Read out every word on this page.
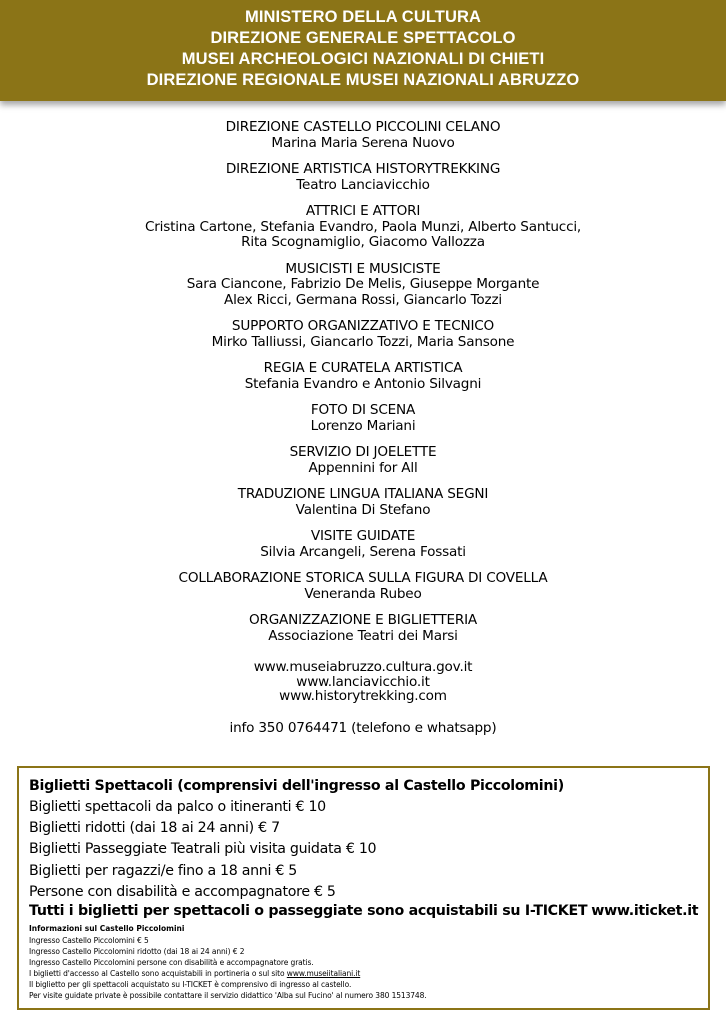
MINISTERO DELLA CULTURA
DIREZIONE GENERALE SPETTACOLO
MUSEI ARCHEOLOGICI NAZIONALI DI CHIETI
DIREZIONE REGIONALE MUSEI NAZIONALI ABRUZZO
DIREZIONE CASTELLO PICCOLINI CELANO
Marina Maria Serena Nuovo
DIREZIONE ARTISTICA HISTORYTREKKING
Teatro Lanciavicchio
ATTRICI E ATTORI
Cristina Cartone, Stefania Evandro, Paola Munzi, Alberto Santucci,
Rita Scognamiglio, Giacomo Vallozza
MUSICISTI E MUSICISTE
Sara Ciancone, Fabrizio De Melis, Giuseppe Morgante
Alex Ricci, Germana Rossi, Giancarlo Tozzi
SUPPORTO ORGANIZZATIVO E TECNICO
Mirko Talliussi, Giancarlo Tozzi, Maria Sansone
REGIA E CURATELA ARTISTICA
Stefania Evandro e Antonio Silvagni
FOTO DI SCENA
Lorenzo Mariani
SERVIZIO DI JOELETTE
Appennini for All
TRADUZIONE LINGUA ITALIANA SEGNI
Valentina Di Stefano
VISITE GUIDATE
Silvia Arcangeli, Serena Fossati
COLLABORAZIONE STORICA SULLA FIGURA DI COVELLA
Veneranda Rubeo
ORGANIZZAZIONE E BIGLIETTERIA
Associazione Teatri dei Marsi
www.museiabruzzo.cultura.gov.it
www.lanciavicchio.it
www.historytrekking.com
info 350 0764471 (telefono e whatsapp)
Biglietti Spettacoli (comprensivi dell'ingresso al Castello Piccolomini)
Biglietti spettacoli da palco o itineranti € 10
Biglietti ridotti (dai 18 ai 24 anni) € 7
Biglietti Passeggiate Teatrali più visita guidata € 10
Biglietti per ragazzi/e fino a 18 anni € 5
Persone con disabilità e accompagnatore € 5
Tutti i biglietti per spettacoli o passeggiate sono acquistabili su I-TICKET www.iticket.it
Informazioni sul Castello Piccolomini
Ingresso Castello Piccolomini € 5
Ingresso Castello Piccolomini ridotto (dai 18 ai 24 anni) € 2
Ingresso Castello Piccolomini persone con disabilità e accompagnatore gratis.
I biglietti d'accesso al Castello sono acquistabili in portineria o sul sito www.museiitaliani.it
Il biglietto per gli spettacoli acquistato su I-TICKET è comprensivo di ingresso al castello.
Per visite guidate private è possibile contattare il servizio didattico 'Alba sul Fucino' al numero 380 1513748.
